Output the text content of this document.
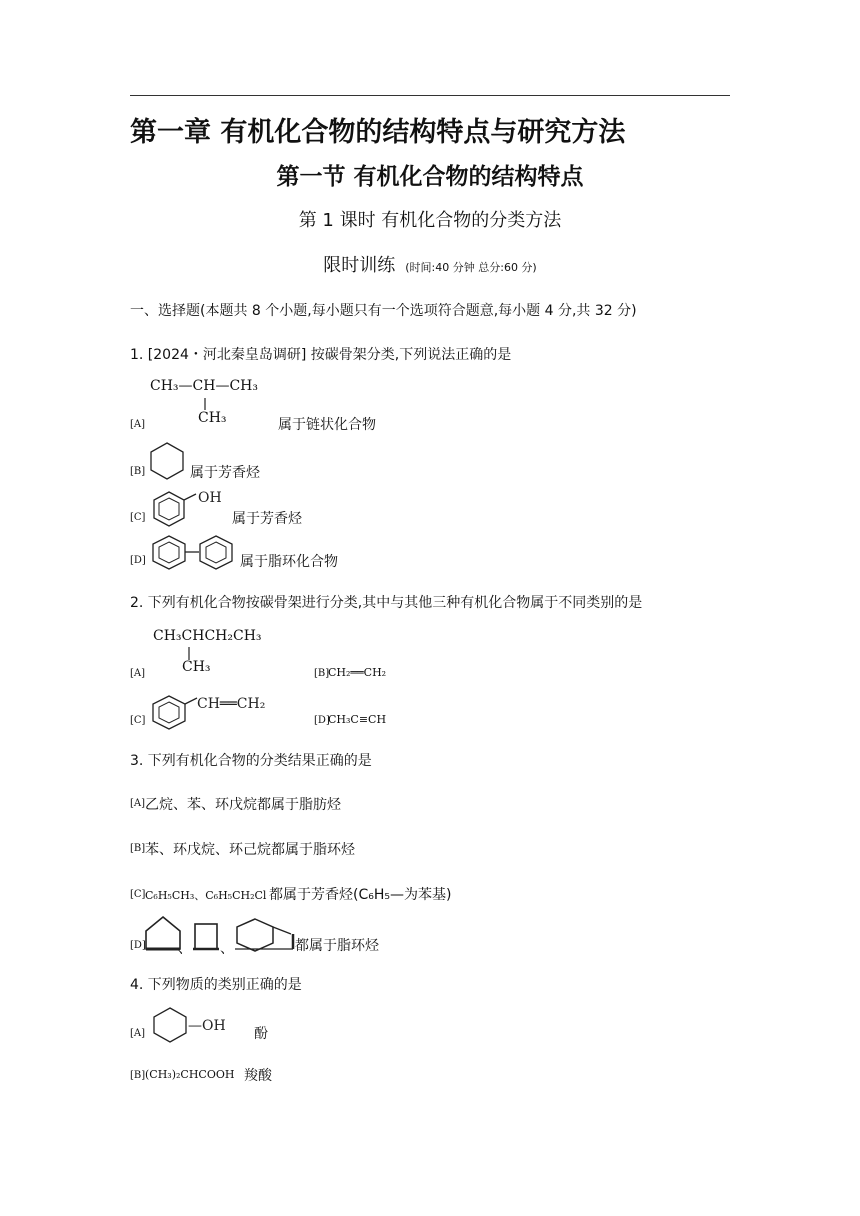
第一章 有机化合物的结构特点与研究方法
第一节 有机化合物的结构特点
第 1 课时 有机化合物的分类方法
限时训练 (时间:40 分钟 总分:60 分)
一、选择题(本题共 8 个小题,每小题只有一个选项符合题意,每小题 4 分,共 32 分)
1. [2024・河北秦皇岛调研] 按碳骨架分类,下列说法正确的是
CH₃—CH—CH₃
CH₃
[A]	属于链状化合物
[B]	属于芳香烃
[C]
OH
属于芳香烃
[D]	属于脂环化合物
2. 下列有机化合物按碳骨架进行分类,其中与其他三种有机化合物属于不同类别的是
CH₃CHCH₂CH₃
CH₃
[A]	[B]
CH₂══CH₂
[C]
CH══CH₂
[D]
CH₃C≡CH
3. 下列有机化合物的分类结果正确的是
[A] 乙烷、苯、环戊烷都属于脂肪烃
[B] 苯、环戊烷、环己烷都属于脂环烃
[C] C₆H₅CH₃、C₆H₅CH₂Cl 都属于芳香烃(C₆H₅—为苯基)
[D] 、 、	都属于脂环烃
4. 下列物质的类别正确的是
[A]	—OH 酚
[B] (CH₃)₂CHCOOH 羧酸
